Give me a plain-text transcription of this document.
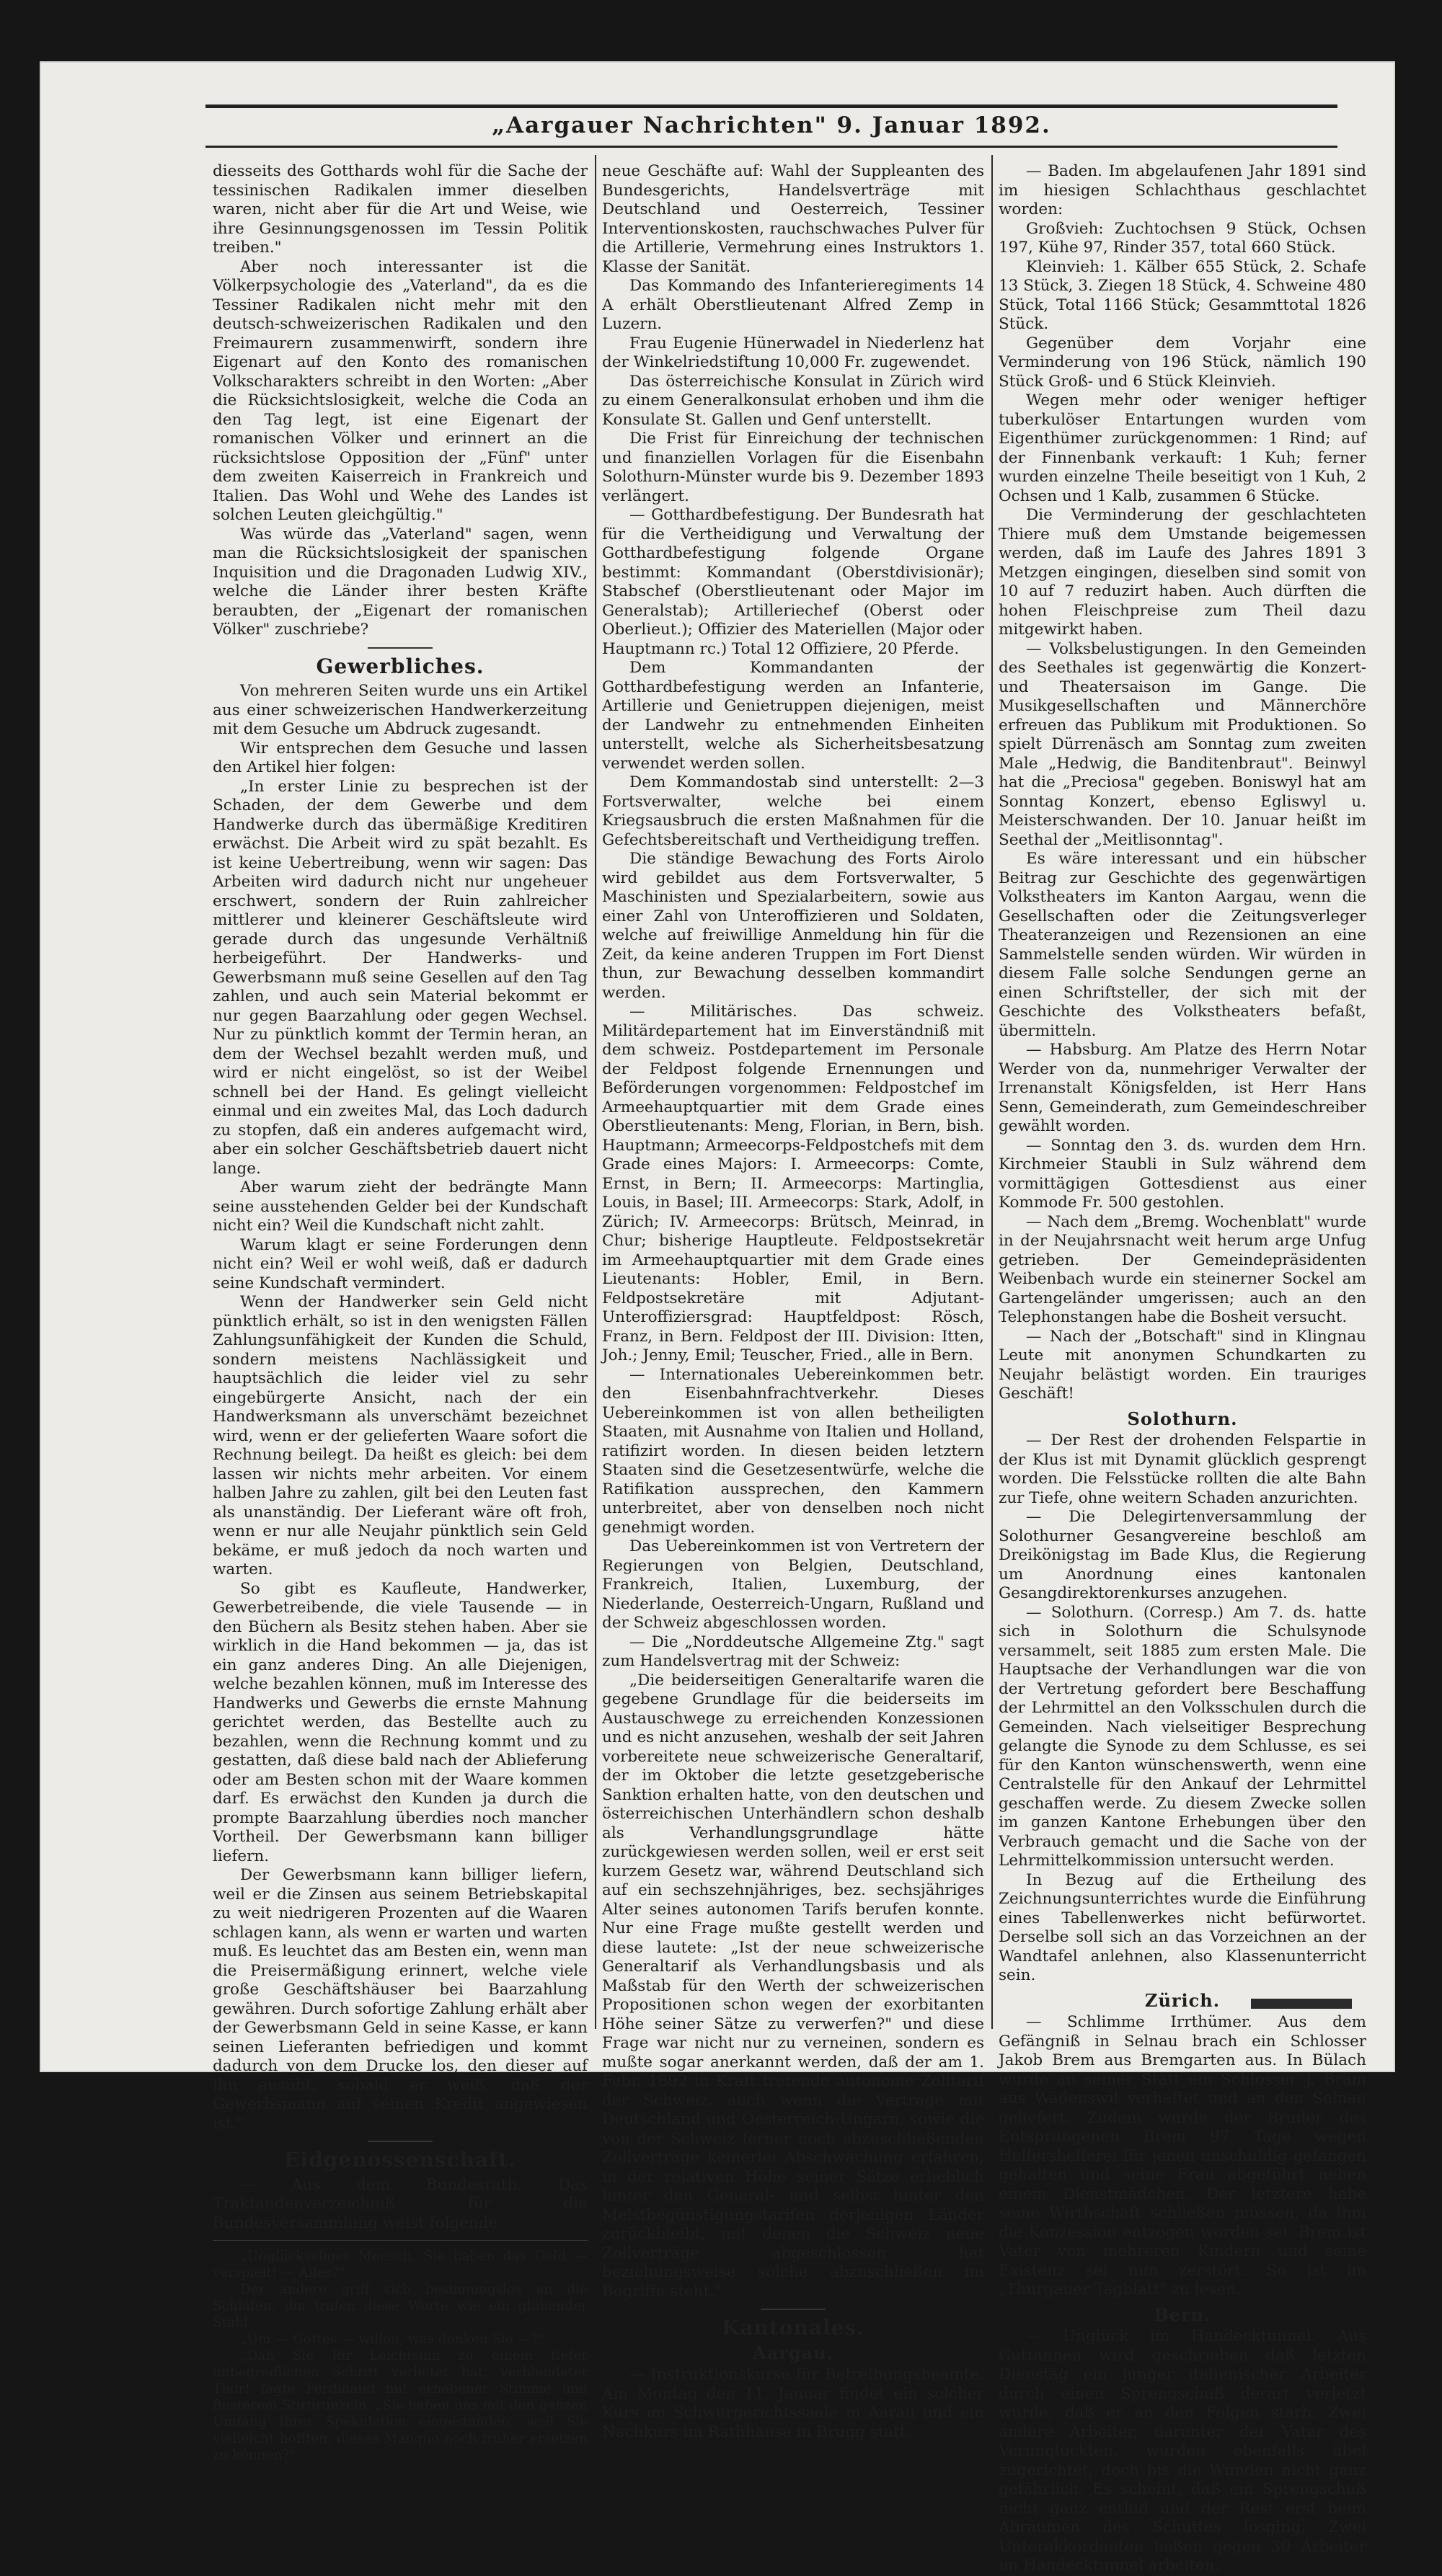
„Aargauer Nachrichten" 9. Januar 1892.

diesseits des Gotthards wohl für die Sache der tessinischen Radikalen immer dieselben waren, nicht aber für die Art und Weise, wie ihre Gesinnungsgenossen im Tessin Politik treiben."

Aber noch interessanter ist die Völkerpsychologie des „Vaterland", da es die Tessiner Radikalen nicht mehr mit den deutsch-schweizerischen Radikalen und den Freimaurern zusammenwirft, sondern ihre Eigenart auf den Konto des romanischen Volkscharakters schreibt in den Worten: „Aber die Rücksichtslosigkeit, welche die Coda an den Tag legt, ist eine Eigenart der romanischen Völker und erinnert an die rücksichtslose Opposition der „Fünf" unter dem zweiten Kaiserreich in Frankreich und Italien. Das Wohl und Wehe des Landes ist solchen Leuten gleichgültig."

Was würde das „Vaterland" sagen, wenn man die Rücksichtslosigkeit der spanischen Inquisition und die Dragonaden Ludwig XIV., welche die Länder ihrer besten Kräfte beraubten, der „Eigenart der romanischen Völker" zuschriebe?

Gewerbliches.

Von mehreren Seiten wurde uns ein Artikel aus einer schweizerischen Handwerkerzeitung mit dem Gesuche um Abdruck zugesandt.

Wir entsprechen dem Gesuche und lassen den Artikel hier folgen:

„In erster Linie zu besprechen ist der Schaden, der dem Gewerbe und dem Handwerke durch das übermäßige Kreditiren erwächst. Die Arbeit wird zu spät bezahlt. Es ist keine Uebertreibung, wenn wir sagen: Das Arbeiten wird dadurch nicht nur ungeheuer erschwert, sondern der Ruin zahlreicher mittlerer und kleinerer Geschäftsleute wird gerade durch das ungesunde Verhältniß herbeigeführt. Der Handwerks- und Gewerbsmann muß seine Gesellen auf den Tag zahlen, und auch sein Material bekommt er nur gegen Baarzahlung oder gegen Wechsel. Nur zu pünktlich kommt der Termin heran, an dem der Wechsel bezahlt werden muß, und wird er nicht eingelöst, so ist der Weibel schnell bei der Hand. Es gelingt vielleicht einmal und ein zweites Mal, das Loch dadurch zu stopfen, daß ein anderes aufgemacht wird, aber ein solcher Geschäftsbetrieb dauert nicht lange.

Aber warum zieht der bedrängte Mann seine ausstehenden Gelder bei der Kundschaft nicht ein? Weil die Kundschaft nicht zahlt.

Warum klagt er seine Forderungen denn nicht ein? Weil er wohl weiß, daß er dadurch seine Kundschaft vermindert.

Wenn der Handwerker sein Geld nicht pünktlich erhält, so ist in den wenigsten Fällen Zahlungsunfähigkeit der Kunden die Schuld, sondern meistens Nachlässigkeit und hauptsächlich die leider viel zu sehr eingebürgerte Ansicht, nach der ein Handwerksmann als unverschämt bezeichnet wird, wenn er der gelieferten Waare sofort die Rechnung beilegt. Da heißt es gleich: bei dem lassen wir nichts mehr arbeiten. Vor einem halben Jahre zu zahlen, gilt bei den Leuten fast als unanständig. Der Lieferant wäre oft froh, wenn er nur alle Neujahr pünktlich sein Geld bekäme, er muß jedoch da noch warten und warten.

So gibt es Kaufleute, Handwerker, Gewerbetreibende, die viele Tausende — in den Büchern als Besitz stehen haben. Aber sie wirklich in die Hand bekommen — ja, das ist ein ganz anderes Ding. An alle Diejenigen, welche bezahlen können, muß im Interesse des Handwerks und Gewerbs die ernste Mahnung gerichtet werden, das Bestellte auch zu bezahlen, wenn die Rechnung kommt und zu gestatten, daß diese bald nach der Ablieferung oder am Besten schon mit der Waare kommen darf. Es erwächst den Kunden ja durch die prompte Baarzahlung überdies noch mancher Vortheil. Der Gewerbsmann kann billiger liefern.

Der Gewerbsmann kann billiger liefern, weil er die Zinsen aus seinem Betriebskapital zu weit niedrigeren Prozenten auf die Waaren schlagen kann, als wenn er warten und warten muß. Es leuchtet das am Besten ein, wenn man die Preisermäßigung erinnert, welche viele große Geschäftshäuser bei Baarzahlung gewähren. Durch sofortige Zahlung erhält aber der Gewerbsmann Geld in seine Kasse, er kann seinen Lieferanten befriedigen und kommt dadurch von dem Drucke los, den dieser auf ihn ausübt, sobald er weiß, daß der Gewerbsmann auf seinen Kredit angewiesen ist."

Eidgenossenschaft.

— Aus dem Bundesrath. Das Traktandenverzeichniß für die Bundesversammlung weist folgende

„Unglückseliger Mensch, Sie haben das Geld — verspielt! — Alles?"

Der andere griff sich besinnungslos an die Schläfen, ihn trafen diese Worte wie ein glühender Stahl.

„Um — Gottes — willen, was denken Sie —?"

„Daß Sie Ihr Leichtsinn zu einem tiefer unbegreiflichen Schritt verleitet hat, verblendeter Thor! fagte Ferdinand mit erhobener Stimme und finsterem Stirnrunzeln. „Sie haben uns mit den ganzen Umfang Ihrer Spekulation eingestanden, weil Sie vielleicht hofften, dieses Manquo noch früher ersetzen zu können?"

neue Geschäfte auf: Wahl der Suppleanten des Bundesgerichts, Handelsverträge mit Deutschland und Oesterreich, Tessiner Interventionskosten, rauchschwaches Pulver für die Artillerie, Vermehrung eines Instruktors 1. Klasse der Sanität.

Das Kommando des Infanterieregiments 14 A erhält Oberstlieutenant Alfred Zemp in Luzern.

Frau Eugenie Hünerwadel in Niederlenz hat der Winkelriedstiftung 10,000 Fr. zugewendet.

Das österreichische Konsulat in Zürich wird zu einem Generalkonsulat erhoben und ihm die Konsulate St. Gallen und Genf unterstellt.

Die Frist für Einreichung der technischen und finanziellen Vorlagen für die Eisenbahn Solothurn-Münster wurde bis 9. Dezember 1893 verlängert.

— Gotthardbefestigung. Der Bundesrath hat für die Vertheidigung und Verwaltung der Gotthardbefestigung folgende Organe bestimmt: Kommandant (Oberstdivisionär); Stabschef (Oberstlieutenant oder Major im Generalstab); Artilleriechef (Oberst oder Oberlieut.); Offizier des Materiellen (Major oder Hauptmann rc.) Total 12 Offiziere, 20 Pferde.

Dem Kommandanten der Gotthardbefestigung werden an Infanterie, Artillerie und Genietruppen diejenigen, meist der Landwehr zu entnehmenden Einheiten unterstellt, welche als Sicherheitsbesatzung verwendet werden sollen.

Dem Kommandostab sind unterstellt: 2—3 Fortsverwalter, welche bei einem Kriegsausbruch die ersten Maßnahmen für die Gefechtsbereitschaft und Vertheidigung treffen.

Die ständige Bewachung des Forts Airolo wird gebildet aus dem Fortsverwalter, 5 Maschinisten und Spezialarbeitern, sowie aus einer Zahl von Unteroffizieren und Soldaten, welche auf freiwillige Anmeldung hin für die Zeit, da keine anderen Truppen im Fort Dienst thun, zur Bewachung desselben kommandirt werden.

— Militärisches. Das schweiz. Militärdepartement hat im Einverständniß mit dem schweiz. Postdepartement im Personale der Feldpost folgende Ernennungen und Beförderungen vorgenommen: Feldpostchef im Armeehauptquartier mit dem Grade eines Oberstlieutenants: Meng, Florian, in Bern, bish. Hauptmann; Armeecorps-Feldpostchefs mit dem Grade eines Majors: I. Armeecorps: Comte, Ernst, in Bern; II. Armeecorps: Martinglia, Louis, in Basel; III. Armeecorps: Stark, Adolf, in Zürich; IV. Armeecorps: Brütsch, Meinrad, in Chur; bisherige Hauptleute. Feldpostsekretär im Armeehauptquartier mit dem Grade eines Lieutenants: Hobler, Emil, in Bern. Feldpostsekretäre mit Adjutant-Unteroffiziersgrad: Hauptfeldpost: Rösch, Franz, in Bern. Feldpost der III. Division: Itten, Joh.; Jenny, Emil; Teuscher, Fried., alle in Bern.

— Internationales Uebereinkommen betr. den Eisenbahnfrachtverkehr. Dieses Uebereinkommen ist von allen betheiligten Staaten, mit Ausnahme von Italien und Holland, ratifizirt worden. In diesen beiden letztern Staaten sind die Gesetzesentwürfe, welche die Ratifikation aussprechen, den Kammern unterbreitet, aber von denselben noch nicht genehmigt worden.

Das Uebereinkommen ist von Vertretern der Regierungen von Belgien, Deutschland, Frankreich, Italien, Luxemburg, der Niederlande, Oesterreich-Ungarn, Rußland und der Schweiz abgeschlossen worden.

— Die „Norddeutsche Allgemeine Ztg." sagt zum Handelsvertrag mit der Schweiz:

„Die beiderseitigen Generaltarife waren die gegebene Grundlage für die beiderseits im Austauschwege zu erreichenden Konzessionen und es nicht anzusehen, weshalb der seit Jahren vorbereitete neue schweizerische Generaltarif, der im Oktober die letzte gesetzgeberische Sanktion erhalten hatte, von den deutschen und österreichischen Unterhändlern schon deshalb als Verhandlungsgrundlage hätte zurückgewiesen werden sollen, weil er erst seit kurzem Gesetz war, während Deutschland sich auf ein sechszehnjähriges, bez. sechsjähriges Alter seines autonomen Tarifs berufen konnte. Nur eine Frage mußte gestellt werden und diese lautete: „Ist der neue schweizerische Generaltarif als Verhandlungsbasis und als Maßstab für den Werth der schweizerischen Propositionen schon wegen der exorbitanten Höhe seiner Sätze zu verwerfen?" und diese Frage war nicht nur zu verneinen, sondern es mußte sogar anerkannt werden, daß der am 1. Febr. 1892 in Kraft tretende autonome Zolltarif der Schweiz, auch wenn die Verträge mit Deutschland und Oesterreich-Ungarn, sowie die von der Schweiz ferner noch abzuschließenden Zollverträge keinerlei Abschwächung erfahren, in der relativen Höhe seiner Sätze erheblich hinter den General- und selbst hinter den Meistbegünstigungstarifen derjenigen Länder zurückbleibt, mit denen die Schweiz neue Zollverträge abgeschlossen hat beziehungsweise solche abzuschließen im Begriffe steht."

Kantonales.
Aargau.

— Instruktionskurse für Betreibungsbeamte. Am Montag den 11. Januar findet ein solcher Kurs im Schwurgerichtssaale in Aarau und ein Nachkurs im Rathhause in Brugg statt.

— Baden. Im abgelaufenen Jahr 1891 sind im hiesigen Schlachthaus geschlachtet worden:

Großvieh: Zuchtochsen 9 Stück, Ochsen 197, Kühe 97, Rinder 357, total 660 Stück.

Kleinvieh: 1. Kälber 655 Stück, 2. Schafe 13 Stück, 3. Ziegen 18 Stück, 4. Schweine 480 Stück, Total 1166 Stück; Gesammttotal 1826 Stück.

Gegenüber dem Vorjahr eine Verminderung von 196 Stück, nämlich 190 Stück Groß- und 6 Stück Kleinvieh.

Wegen mehr oder weniger heftiger tuberkulöser Entartungen wurden vom Eigenthümer zurückgenommen: 1 Rind; auf der Finnenbank verkauft: 1 Kuh; ferner wurden einzelne Theile beseitigt von 1 Kuh, 2 Ochsen und 1 Kalb, zusammen 6 Stücke.

Die Verminderung der geschlachteten Thiere muß dem Umstande beigemessen werden, daß im Laufe des Jahres 1891 3 Metzgen eingingen, dieselben sind somit von 10 auf 7 reduzirt haben. Auch dürften die hohen Fleischpreise zum Theil dazu mitgewirkt haben.

— Volksbelustigungen. In den Gemeinden des Seethales ist gegenwärtig die Konzert- und Theatersaison im Gange. Die Musikgesellschaften und Männerchöre erfreuen das Publikum mit Produktionen. So spielt Dürrenäsch am Sonntag zum zweiten Male „Hedwig, die Banditenbraut". Beinwyl hat die „Preciosa" gegeben. Boniswyl hat am Sonntag Konzert, ebenso Egliswyl u. Meisterschwanden. Der 10. Januar heißt im Seethal der „Meitlisonntag".

Es wäre interessant und ein hübscher Beitrag zur Geschichte des gegenwärtigen Volkstheaters im Kanton Aargau, wenn die Gesellschaften oder die Zeitungsverleger Theateranzeigen und Rezensionen an eine Sammelstelle senden würden. Wir würden in diesem Falle solche Sendungen gerne an einen Schriftsteller, der sich mit der Geschichte des Volkstheaters befaßt, übermitteln.

— Habsburg. Am Platze des Herrn Notar Werder von da, nunmehriger Verwalter der Irrenanstalt Königsfelden, ist Herr Hans Senn, Gemeinderath, zum Gemeindeschreiber gewählt worden.

— Sonntag den 3. ds. wurden dem Hrn. Kirchmeier Staubli in Sulz während dem vormittägigen Gottesdienst aus einer Kommode Fr. 500 gestohlen.

— Nach dem „Bremg. Wochenblatt" wurde in der Neujahrsnacht weit herum arge Unfug getrieben. Der Gemeindepräsidenten Weibenbach wurde ein steinerner Sockel am Gartengeländer umgerissen; auch an den Telephonstangen habe die Bosheit versucht.

— Nach der „Botschaft" sind in Klingnau Leute mit anonymen Schundkarten zu Neujahr belästigt worden. Ein trauriges Geschäft!

Solothurn.

— Der Rest der drohenden Felspartie in der Klus ist mit Dynamit glücklich gesprengt worden. Die Felsstücke rollten die alte Bahn zur Tiefe, ohne weitern Schaden anzurichten.

— Die Delegirtenversammlung der Solothurner Gesangvereine beschloß am Dreikönigstag im Bade Klus, die Regierung um Anordnung eines kantonalen Gesangdirektorenkurses anzugehen.

— Solothurn. (Corresp.) Am 7. ds. hatte sich in Solothurn die Schulsynode versammelt, seit 1885 zum ersten Male. Die Hauptsache der Verhandlungen war die von der Vertretung gefordert bere Beschaffung der Lehrmittel an den Volksschulen durch die Gemeinden. Nach vielseitiger Besprechung gelangte die Synode zu dem Schlusse, es sei für den Kanton wünschenswerth, wenn eine Centralstelle für den Ankauf der Lehrmittel geschaffen werde. Zu diesem Zwecke sollen im ganzen Kantone Erhebungen über den Verbrauch gemacht und die Sache von der Lehrmittelkommission untersucht werden.

In Bezug auf die Ertheilung des Zeichnungsunterrichtes wurde die Einführung eines Tabellenwerkes nicht befürwortet. Derselbe soll sich an das Vorzeichnen an der Wandtafel anlehnen, also Klassenunterricht sein.

Zürich.

— Schlimme Irrthümer. Aus dem Gefängniß in Selnau brach ein Schlosser Jakob Brem aus Bremgarten aus. In Bülach wurde an seiner Statt ein Schlosser J. Bräm aus Wädenswil verhaftet und an den Selnau geliefert. Zudem wurde der Bruder des Entsprungenen Brem 97 Tage wegen Helfershelferei für jenen unschuldig gefangen gehalten und seine Frau abgeführt neben einem Dienstmädchen. Der letztere habe seine Wirthschaft schließen müssen, da ihm die Konzession entzogen worden sei. Brem ist Vater von mehreren Kindern und seine Existenz sei nun zerstört. So ist im „Thurgauer Tagblatt" zu lesen.

Bern.

— Unglück im Handecktunnel. Aus Guttannen wird geschrieben daß letzten Dienstag ein junger italienischer Arbeiter durch einen Sprengschuß derart verletzt wurde, daß er an den Folgen starb. Zwei andere Arbeiter, darunter der Vater des Verunglückten, wurden ebenfalls übel zugerichtet, doch bis die Wunden nicht ganz gefährlich. Es scheint, daß ein Sprengschuß nicht ganz entlud und der Rest erst beim Abräumen des Schuttes losging. Zwei Unterakkordanten ließen gegen 30 Arbeiter im Handecktunnel arbeiten.
